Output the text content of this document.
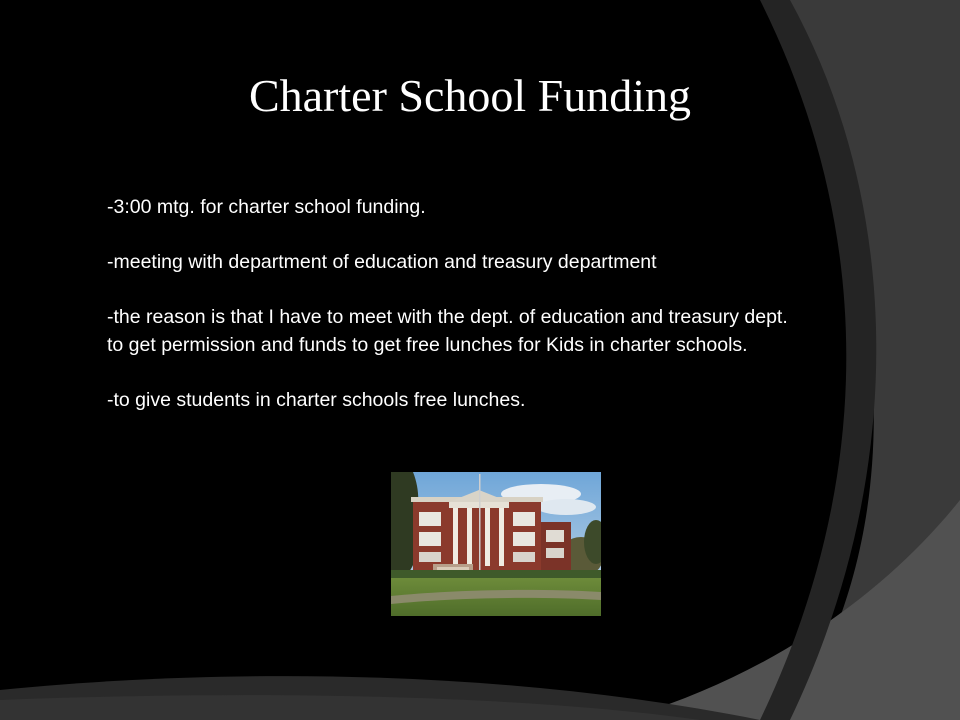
Charter School Funding

-3:00 mtg. for charter school funding.

-meeting with department of education and treasury department

-the reason is that I have to meet with the dept. of education and treasury dept. to get permission and funds to get free lunches for Kids in charter schools.

-to give students in charter schools free lunches.
